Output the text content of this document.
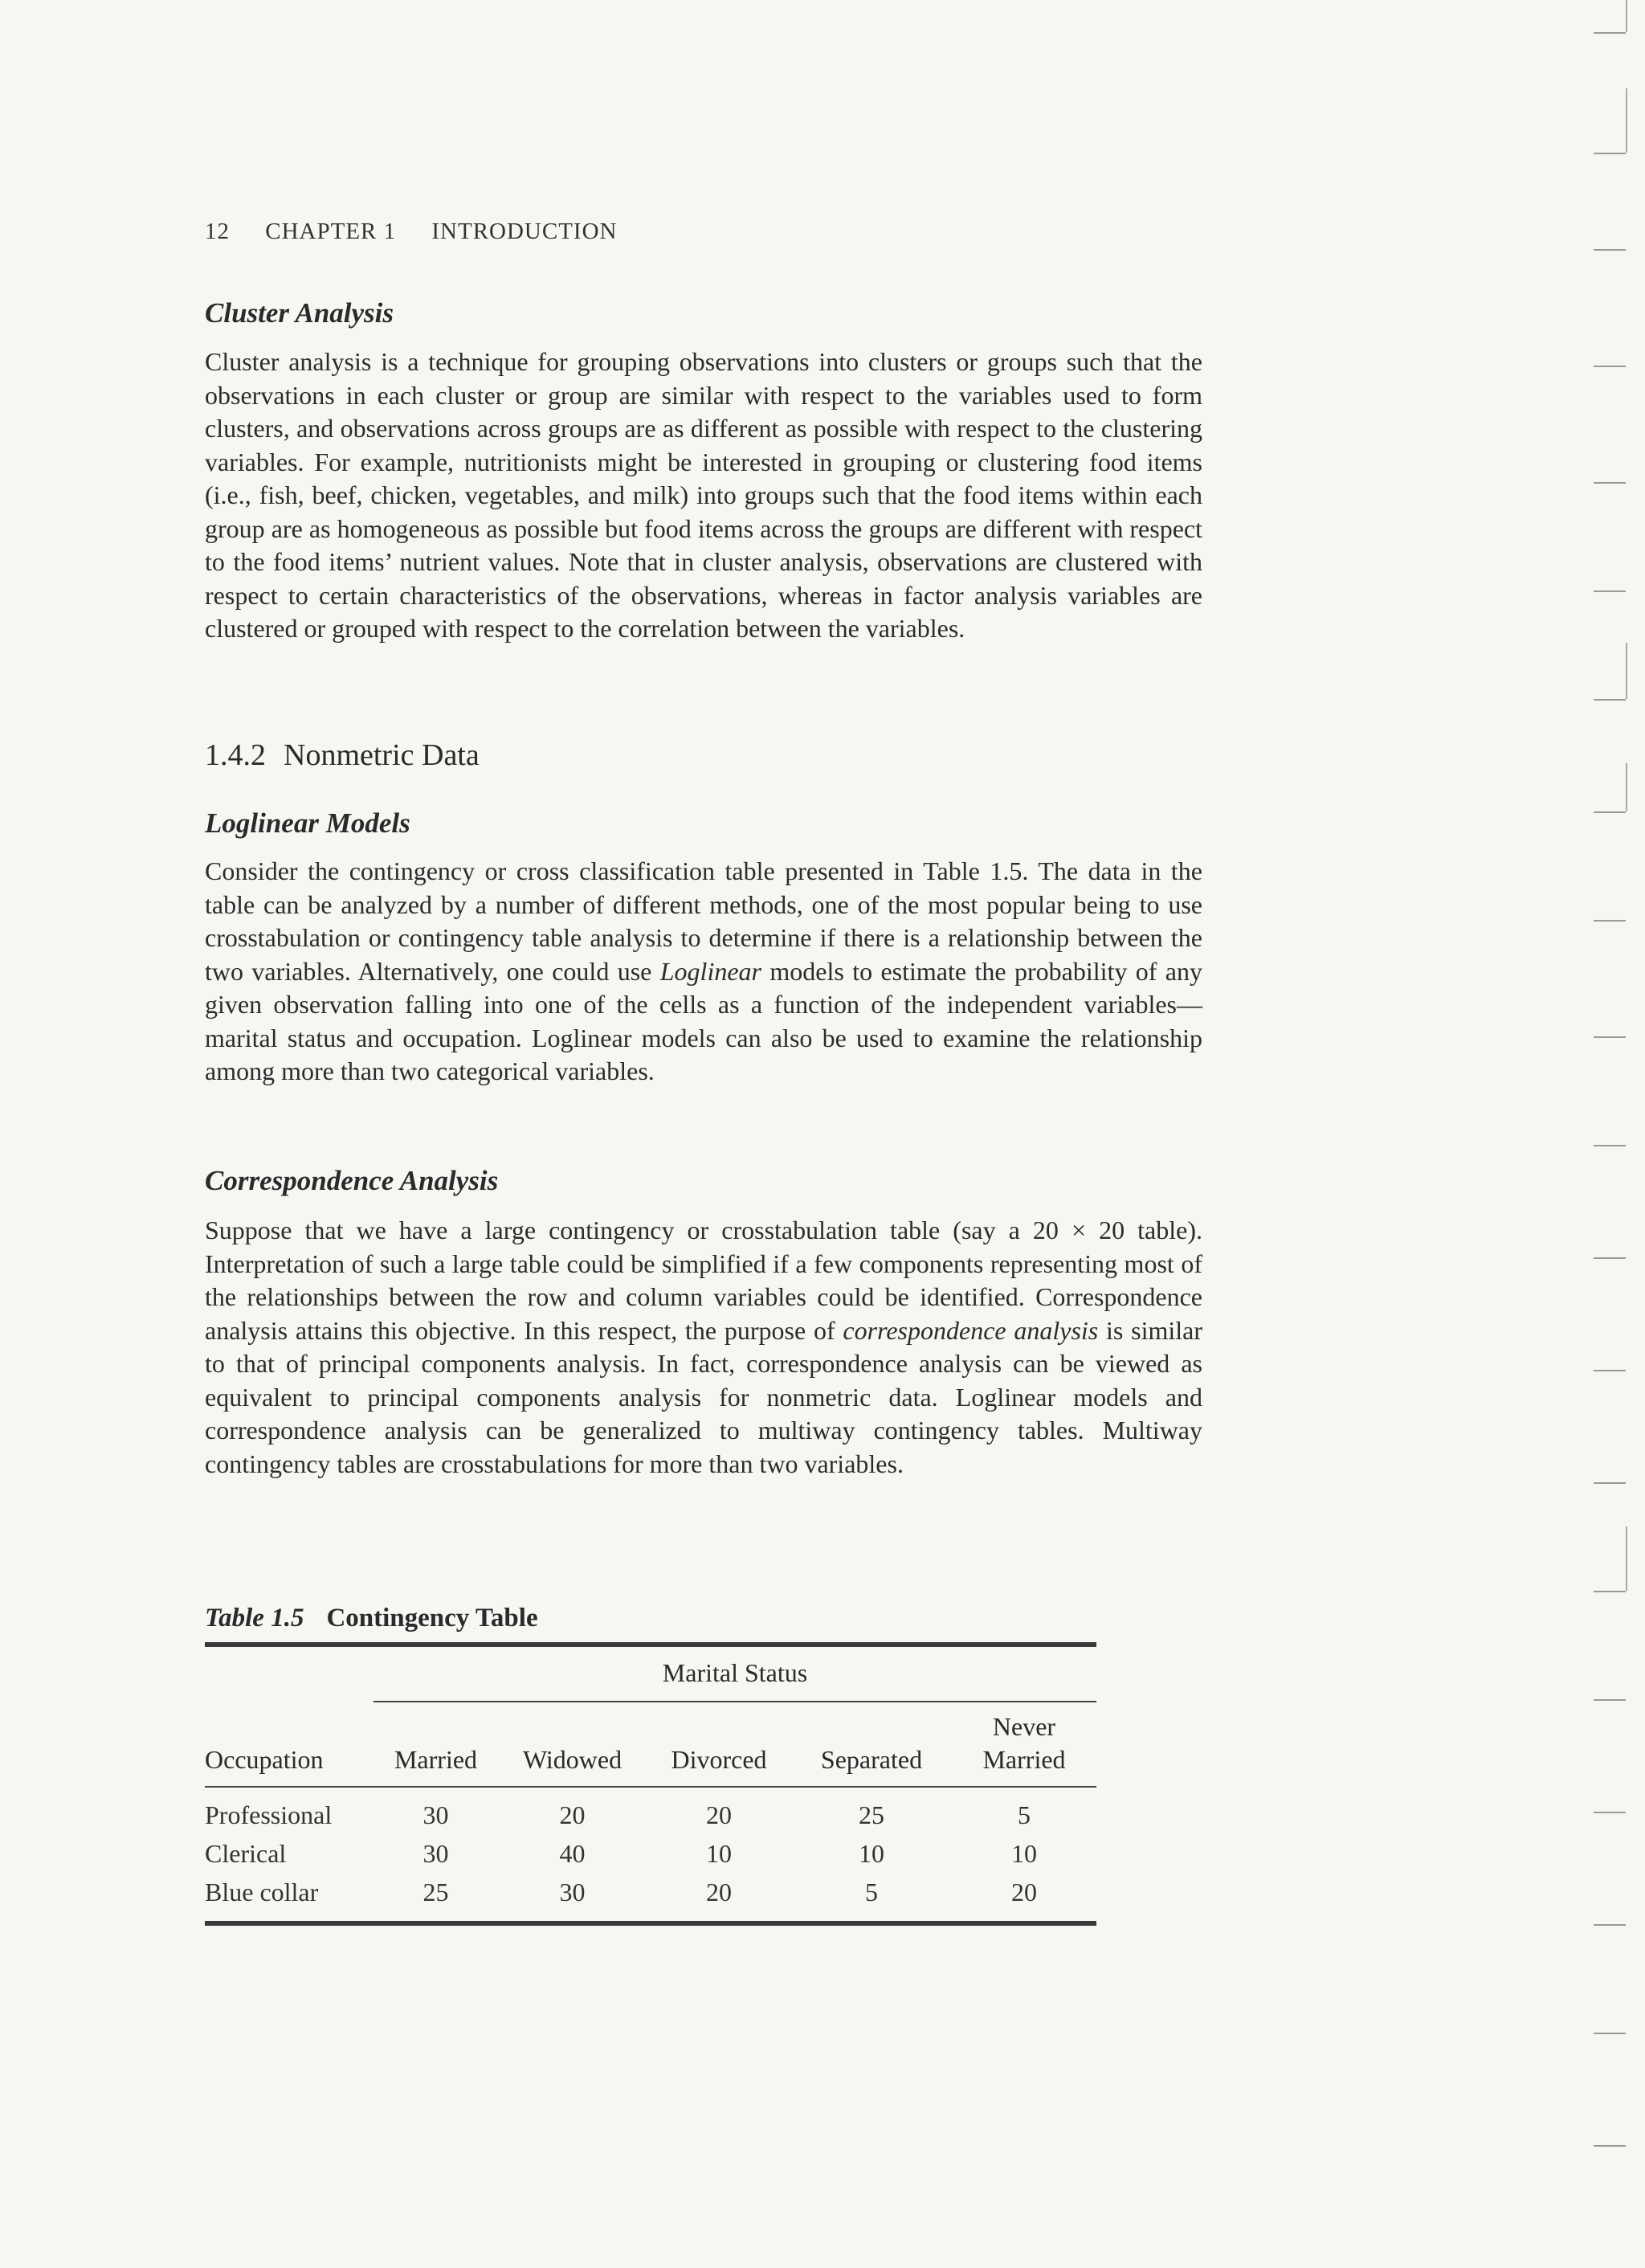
12 CHAPTER 1 INTRODUCTION
Cluster Analysis
Cluster analysis is a technique for grouping observations into clusters or groups such that the observations in each cluster or group are similar with respect to the variables used to form clusters, and observations across groups are as different as possible with respect to the clustering variables. For example, nutritionists might be interested in grouping or clustering food items (i.e., fish, beef, chicken, vegetables, and milk) into groups such that the food items within each group are as homogeneous as possible but food items across the groups are different with respect to the food items’ nutrient values. Note that in cluster analysis, observations are clustered with respect to certain characteristics of the observations, whereas in factor analysis variables are clustered or grouped with respect to the correlation between the variables.
1.4.2 Nonmetric Data
Loglinear Models
Consider the contingency or cross classification table presented in Table 1.5. The data in the table can be analyzed by a number of different methods, one of the most popular being to use crosstabulation or contingency table analysis to determine if there is a relationship between the two variables. Alternatively, one could use Loglinear models to estimate the probability of any given observation falling into one of the cells as a function of the independent variables—marital status and occupation. Loglinear models can also be used to examine the relationship among more than two categorical variables.
Correspondence Analysis
Suppose that we have a large contingency or crosstabulation table (say a 20 × 20 table). Interpretation of such a large table could be simplified if a few components representing most of the relationships between the row and column variables could be identified. Correspondence analysis attains this objective. In this respect, the purpose of correspondence analysis is similar to that of principal components analysis. In fact, correspondence analysis can be viewed as equivalent to principal components analysis for nonmetric data. Loglinear models and correspondence analysis can be generalized to multiway contingency tables. Multiway contingency tables are crosstabulations for more than two variables.
Table 1.5 Contingency Table
	Marital Status				

Occupation	Married	Widowed	Divorced	Separated	Never
Married

Professional	30	20	20	25	5
Clerical	30	40	10	10	10
Blue collar	25	30	20	5	20
